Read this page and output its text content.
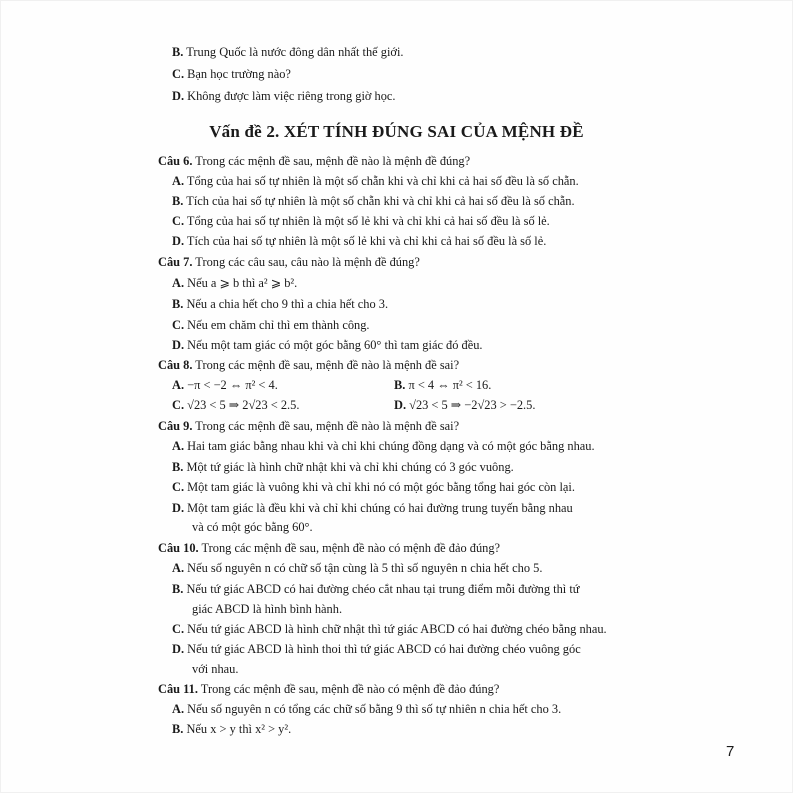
Vấn đề 2. XÉT TÍNH ĐÚNG SAI CỦA MỆNH ĐỀ
B. Trung Quốc là nước đông dân nhất thế giới.
C. Bạn học trường nào?
D. Không được làm việc riêng trong giờ học.
Câu 6. Trong các mệnh đề sau, mệnh đề nào là mệnh đề đúng?
A. Tổng của hai số tự nhiên là một số chẵn khi và chỉ khi cả hai số đều là số chẵn.
B. Tích của hai số tự nhiên là một số chẵn khi và chỉ khi cả hai số đều là số chẵn.
C. Tổng của hai số tự nhiên là một số lẻ khi và chỉ khi cả hai số đều là số lẻ.
D. Tích của hai số tự nhiên là một số lẻ khi và chỉ khi cả hai số đều là số lẻ.
Câu 7. Trong các câu sau, câu nào là mệnh đề đúng?
A. Nếu a ⩾ b thì a² ⩾ b².
B. Nếu a chia hết cho 9 thì a chia hết cho 3.
C. Nếu em chăm chỉ thì em thành công.
D. Nếu một tam giác có một góc bằng 60° thì tam giác đó đều.
Câu 8. Trong các mệnh đề sau, mệnh đề nào là mệnh đề sai?
A. −π < −2 ⇔ π² < 4.	B. π < 4 ⇔ π² < 16.
C. √23 < 5 ⇒ 2√23 < 2.5.	D. √23 < 5 ⇒ −2√23 > −2.5.
Câu 9. Trong các mệnh đề sau, mệnh đề nào là mệnh đề sai?
A. Hai tam giác bằng nhau khi và chỉ khi chúng đồng dạng và có một góc bằng nhau.
B. Một tứ giác là hình chữ nhật khi và chỉ khi chúng có 3 góc vuông.
C. Một tam giác là vuông khi và chỉ khi nó có một góc bằng tổng hai góc còn lại.
D. Một tam giác là đều khi và chỉ khi chúng có hai đường trung tuyến bằng nhau
và có một góc bằng 60°.
Câu 10. Trong các mệnh đề sau, mệnh đề nào có mệnh đề đảo đúng?
A. Nếu số nguyên n có chữ số tận cùng là 5 thì số nguyên n chia hết cho 5.
B. Nếu tứ giác ABCD có hai đường chéo cắt nhau tại trung điểm mỗi đường thì tứ
giác ABCD là hình bình hành.
C. Nếu tứ giác ABCD là hình chữ nhật thì tứ giác ABCD có hai đường chéo bằng nhau.
D. Nếu tứ giác ABCD là hình thoi thì tứ giác ABCD có hai đường chéo vuông góc
với nhau.
Câu 11. Trong các mệnh đề sau, mệnh đề nào có mệnh đề đảo đúng?
A. Nếu số nguyên n có tổng các chữ số bằng 9 thì số tự nhiên n chia hết cho 3.
B. Nếu x > y thì x² > y².
7
